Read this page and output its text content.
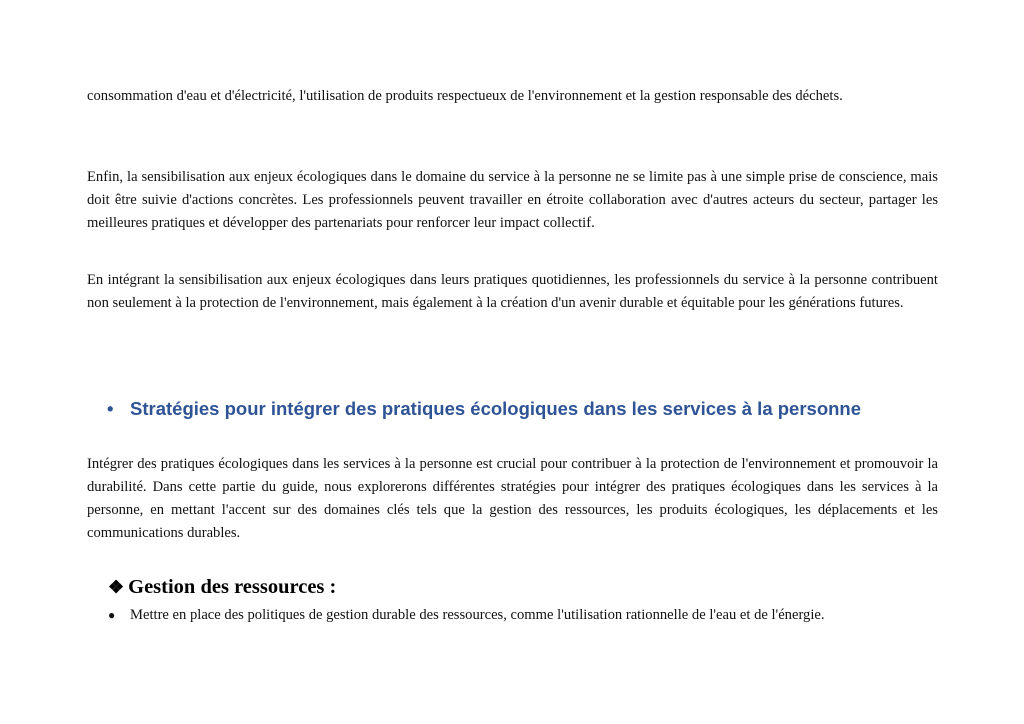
consommation d'eau et d'électricité, l'utilisation de produits respectueux de l'environnement et la gestion responsable des déchets.

Enfin, la sensibilisation aux enjeux écologiques dans le domaine du service à la personne ne se limite pas à une simple prise de conscience, mais doit être suivie d'actions concrètes. Les professionnels peuvent travailler en étroite collaboration avec d'autres acteurs du secteur, partager les meilleures pratiques et développer des partenariats pour renforcer leur impact collectif.

En intégrant la sensibilisation aux enjeux écologiques dans leurs pratiques quotidiennes, les professionnels du service à la personne contribuent non seulement à la protection de l'environnement, mais également à la création d'un avenir durable et équitable pour les générations futures.

• Stratégies pour intégrer des pratiques écologiques dans les services à la personne

Intégrer des pratiques écologiques dans les services à la personne est crucial pour contribuer à la protection de l'environnement et promouvoir la durabilité. Dans cette partie du guide, nous explorerons différentes stratégies pour intégrer des pratiques écologiques dans les services à la personne, en mettant l'accent sur des domaines clés tels que la gestion des ressources, les produits écologiques, les déplacements et les communications durables.

❖ Gestion des ressources :
● Mettre en place des politiques de gestion durable des ressources, comme l'utilisation rationnelle de l'eau et de l'énergie.
